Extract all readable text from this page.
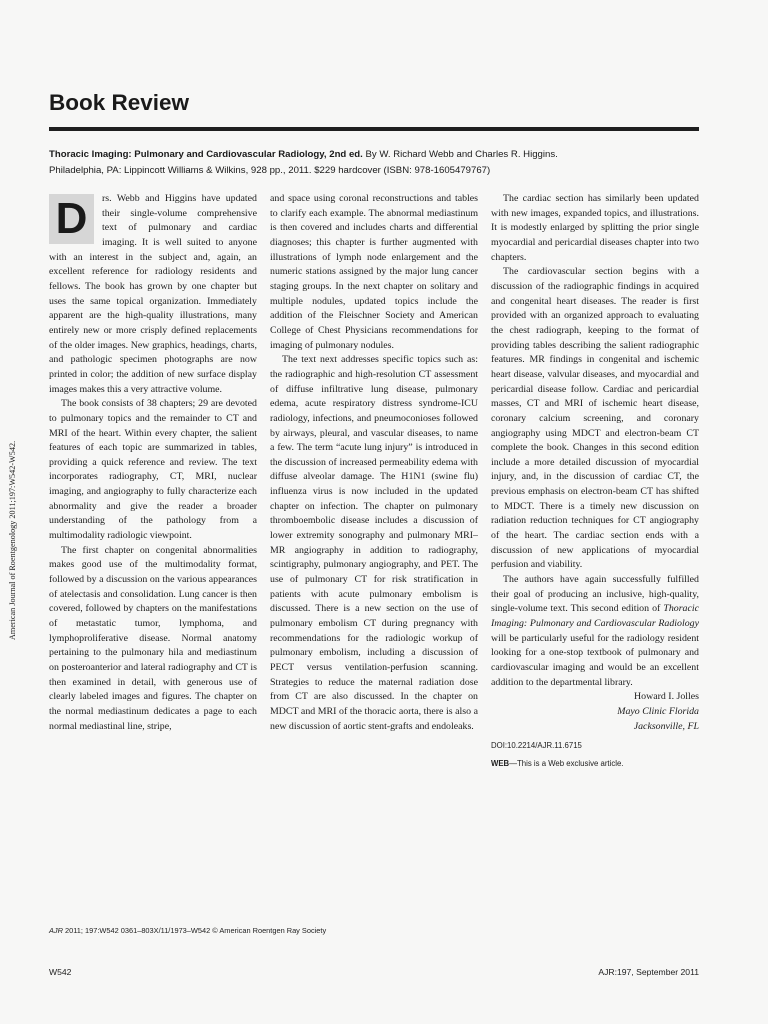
Book Review
Thoracic Imaging: Pulmonary and Cardiovascular Radiology, 2nd ed. By W. Richard Webb and Charles R. Higgins.
Philadelphia, PA: Lippincott Williams & Wilkins, 928 pp., 2011. $229 hardcover (ISBN: 978-1605479767)
American Journal of Roentgenology 2011;197:W542-W542.

D	rs. Webb and Higgins have updated their single-volume comprehensive text of pulmonary and cardiac imaging. It is well suited to anyone with an interest in the subject and, again, an excellent reference for radiology residents and fellows. The book has grown by one chapter but uses the same topical organization. Immediately apparent are the high-quality illustrations, many entirely new or more crisply defined replacements of the older images. New graphics, headings, charts, and pathologic specimen photographs are now printed in color; the addition of new surface display images makes this a very attractive volume.

The book consists of 38 chapters; 29 are devoted to pulmonary topics and the remainder to CT and MRI of the heart. Within every chapter, the salient features of each topic are summarized in tables, providing a quick reference and review. The text incorporates radiography, CT, MRI, nuclear imaging, and angiography to fully characterize each abnormality and give the reader a broader understanding of the pathology from a multimodality radiologic viewpoint.

The first chapter on congenital abnormalities makes good use of the multimodality format, followed by a discussion on the various appearances of atelectasis and consolidation. Lung cancer is then covered, followed by chapters on the manifestations of metastatic tumor, lymphoma, and lymphoproliferative disease. Normal anatomy pertaining to the pulmonary hila and mediastinum on posteroanterior and lateral radiography and CT is then examined in detail, with generous use of clearly labeled images and figures. The chapter on the normal mediastinum dedicates a page to each normal mediastinal line, stripe,

and space using coronal reconstructions and tables to clarify each example. The abnormal mediastinum is then covered and includes charts and differential diagnoses; this chapter is further augmented with illustrations of lymph node enlargement and the numeric stations assigned by the major lung cancer staging groups. In the next chapter on solitary and multiple nodules, updated topics include the addition of the Fleischner Society and American College of Chest Physicians recommendations for imaging of pulmonary nodules.

The text next addresses specific topics such as: the radiographic and high-resolution CT assessment of diffuse infiltrative lung disease, pulmonary edema, acute respiratory distress syndrome-ICU radiology, infections, and pneumoconioses followed by airways, pleural, and vascular diseases, to name a few. The term “acute lung injury” is introduced in the discussion of increased permeability edema with diffuse alveolar damage. The H1N1 (swine flu) influenza virus is now included in the updated chapter on infection. The chapter on pulmonary thromboembolic disease includes a discussion of lower extremity sonography and pulmonary MRI–MR angiography in addition to radiography, scintigraphy, pulmonary angiography, and PET. The use of pulmonary CT for risk stratification in patients with acute pulmonary embolism is discussed. There is a new section on the use of pulmonary embolism CT during pregnancy with recommendations for the radiologic workup of pulmonary embolism, including a discussion of PECT versus ventilation-perfusion scanning. Strategies to reduce the maternal radiation dose from CT are also discussed. In the chapter on MDCT and MRI of the thoracic aorta, there is also a new discussion of aortic stent-grafts and endoleaks.

The cardiac section has similarly been updated with new images, expanded topics, and illustrations. It is modestly enlarged by splitting the prior single myocardial and pericardial diseases chapter into two chapters.

The cardiovascular section begins with a discussion of the radiographic findings in acquired and congenital heart diseases. The reader is first provided with an organized approach to evaluating the chest radiograph, keeping to the format of providing tables describing the salient radiographic features. MR findings in congenital and ischemic heart disease, valvular diseases, and myocardial and pericardial disease follow. Cardiac and pericardial masses, CT and MRI of ischemic heart disease, coronary calcium screening, and coronary angiography using MDCT and electron-beam CT complete the book. Changes in this second edition include a more detailed discussion of myocardial injury, and, in the discussion of cardiac CT, the previous emphasis on electron-beam CT has shifted to MDCT. There is a timely new discussion on radiation reduction techniques for CT angiography of the heart. The cardiac section ends with a discussion of new applications of myocardial perfusion and viability.

The authors have again successfully fulfilled their goal of producing an inclusive, high-quality, single-volume text. This second edition of Thoracic Imaging: Pulmonary and Cardiovascular Radiology will be particularly useful for the radiology resident looking for a one-stop textbook of pulmonary and cardiovascular imaging and would be an excellent addition to the departmental library.

Howard I. Jolles

Mayo Clinic Florida

Jacksonville, FL

DOI:10.2214/AJR.11.6715
WEB—This is a Web exclusive article.
AJR 2011; 197:W542 0361–803X/11/1973–W542 © American Roentgen Ray Society
W542	AJR:197, September 2011
